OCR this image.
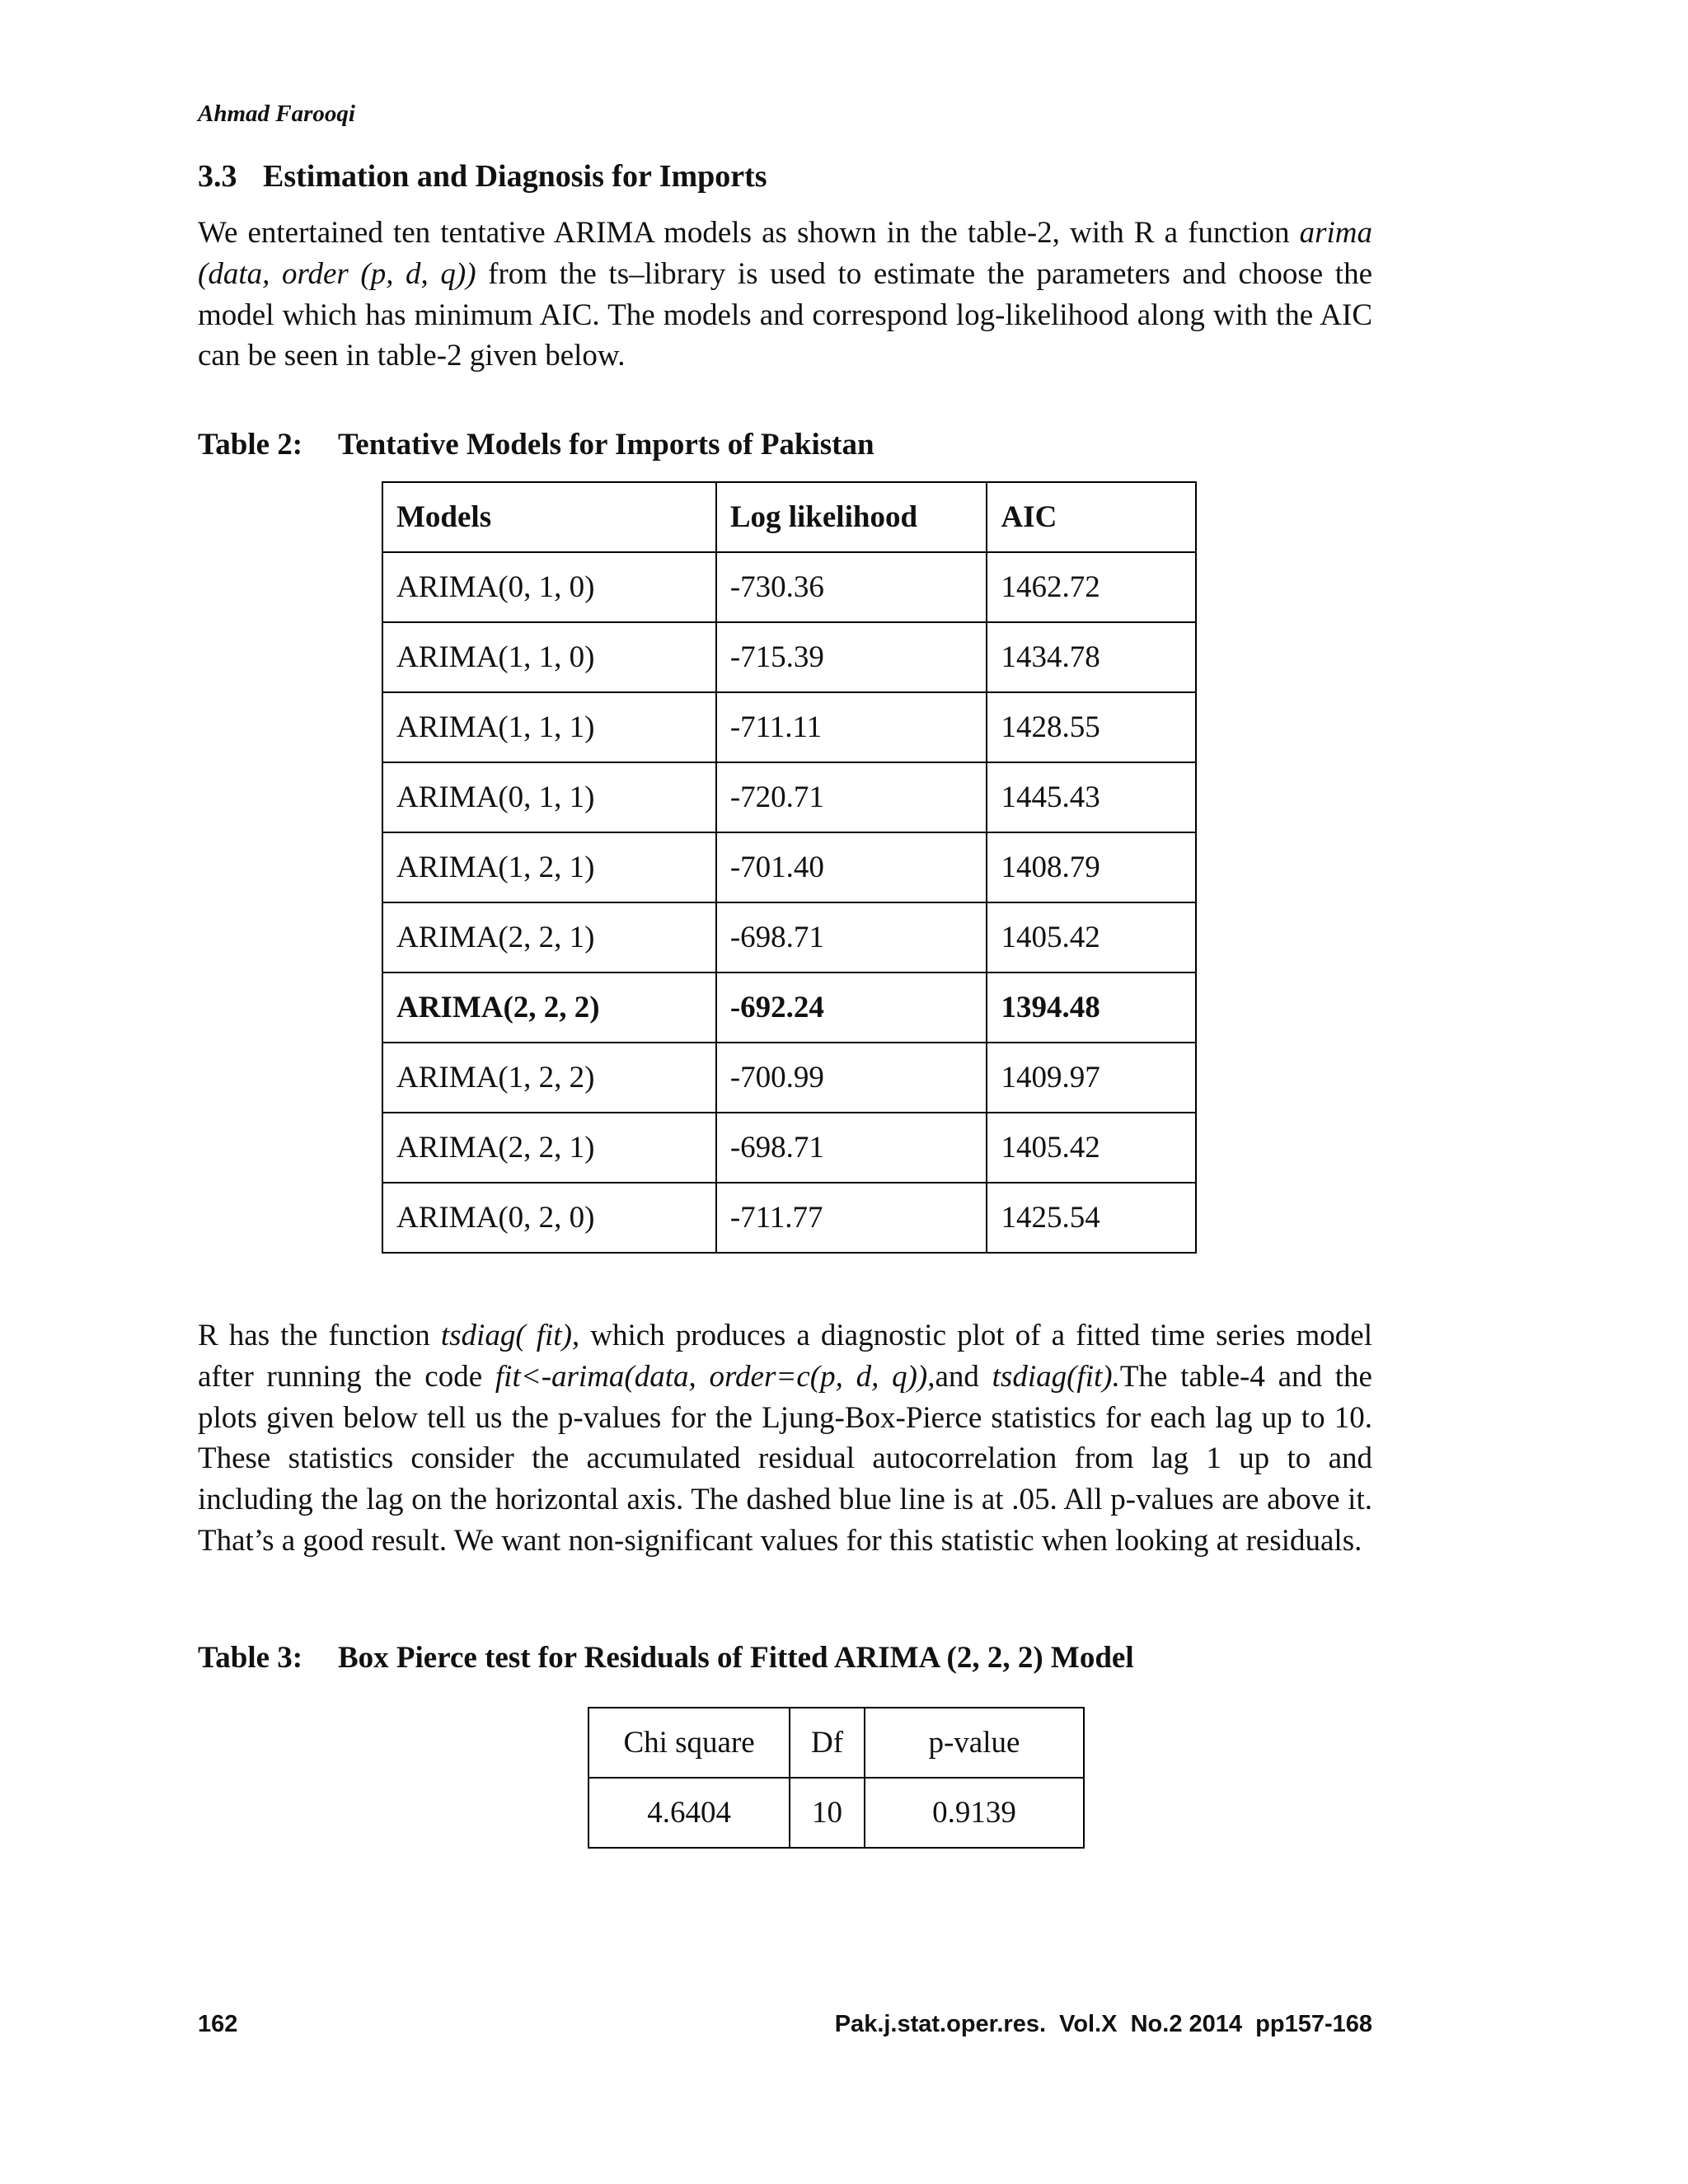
Ahmad Farooqi
3.3 Estimation and Diagnosis for Imports

We entertained ten tentative ARIMA models as shown in the table-2, with R a function arima (data, order (p, d, q)) from the ts–library is used to estimate the parameters and choose the model which has minimum AIC. The models and correspond log-likelihood along with the AIC can be seen in table-2 given below.

Table 2: Tentative Models for Imports of Pakistan
Models	Log likelihood	AIC
ARIMA(0, 1, 0)	-730.36	1462.72
ARIMA(1, 1, 0)	-715.39	1434.78
ARIMA(1, 1, 1)	-711.11	1428.55
ARIMA(0, 1, 1)	-720.71	1445.43
ARIMA(1, 2, 1)	-701.40	1408.79
ARIMA(2, 2, 1)	-698.71	1405.42
ARIMA(2, 2, 2)	-692.24	1394.48
ARIMA(1, 2, 2)	-700.99	1409.97
ARIMA(2, 2, 1)	-698.71	1405.42
ARIMA(0, 2, 0)	-711.77	1425.54

R has the function tsdiag( fit), which produces a diagnostic plot of a fitted time series model after running the code fit<-arima(data, order=c(p, d, q)),and tsdiag(fit).The table-4 and the plots given below tell us the p-values for the Ljung-Box-Pierce statistics for each lag up to 10. These statistics consider the accumulated residual autocorrelation from lag 1 up to and including the lag on the horizontal axis. The dashed blue line is at .05. All p-values are above it. That’s a good result. We want non-significant values for this statistic when looking at residuals.

Table 3: Box Pierce test for Residuals of Fitted ARIMA (2, 2, 2) Model
Chi square	Df	p-value
4.6404	10	0.9139
162	Pak.j.stat.oper.res.  Vol.X  No.2 2014  pp157-168
